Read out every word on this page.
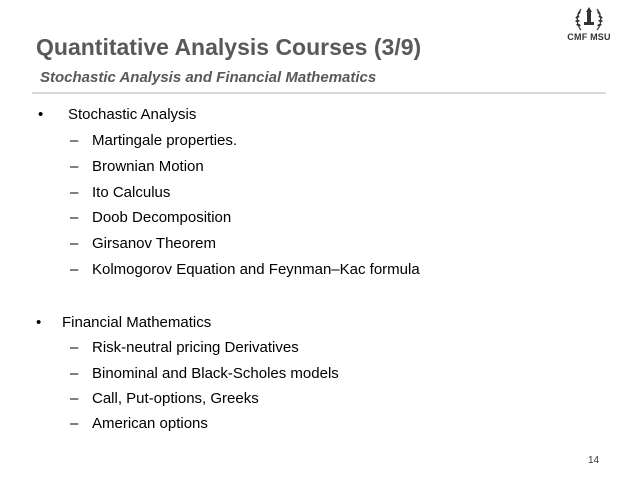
CMF MSU
Quantitative Analysis Courses (3/9)
Stochastic Analysis and Financial Mathematics
• Stochastic Analysis
– Martingale properties.
– Brownian Motion
– Ito Calculus
– Doob Decomposition
– Girsanov Theorem
– Kolmogorov Equation and Feynman–Kac formula
• Financial Mathematics
– Risk-neutral pricing Derivatives
– Binominal and Black-Scholes models
– Call, Put-options, Greeks
– American options
14
